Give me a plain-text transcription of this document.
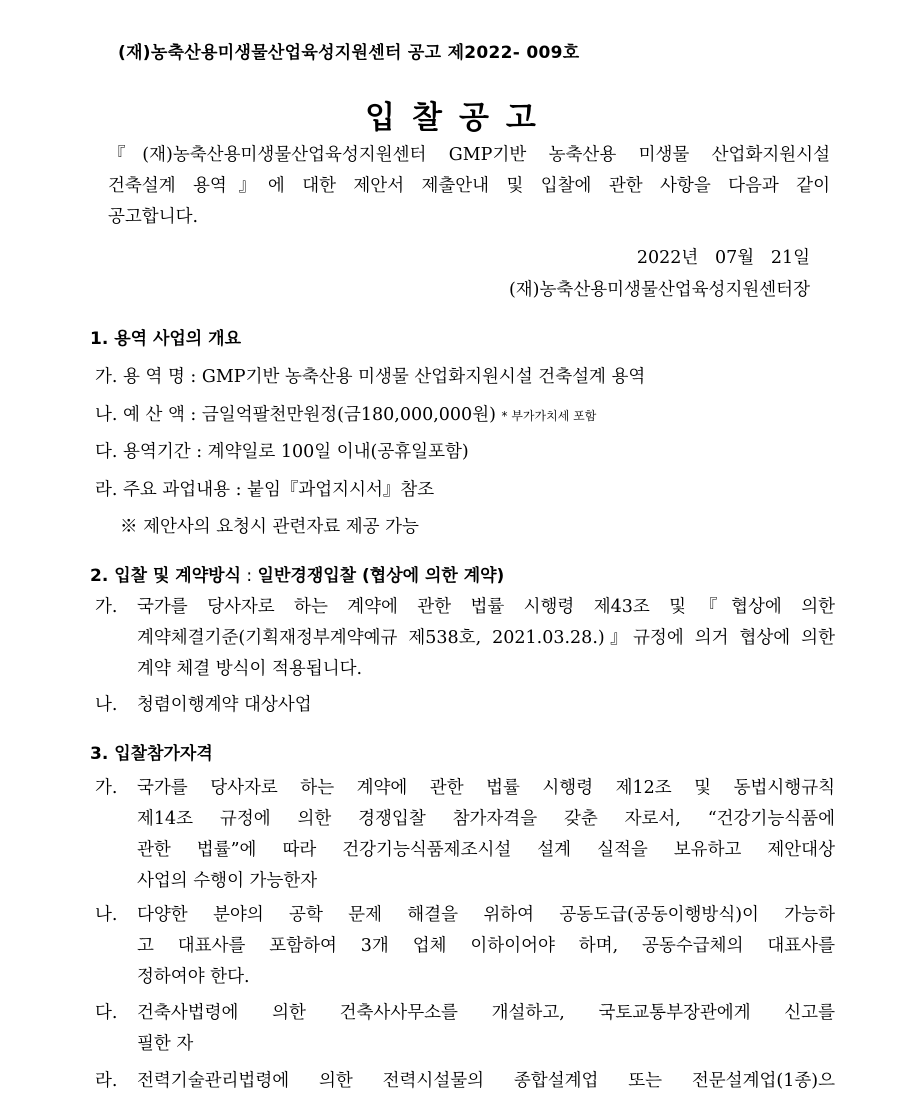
(재)농축산용미생물산업육성지원센터 공고 제2022- 009호
입찰공고

『(재)농축산용미생물산업육성지원센터 GMP기반 농축산용 미생물 산업화지원시설

건축설계 용역』에 대한 제안서 제출안내 및 입찰에 관한 사항을 다음과 같이

공고합니다.

2022년   07월   21일
(재)농축산용미생물산업육성지원센터장
1. 용역 사업의 개요
가. 용 역 명 : GMP기반 농축산용 미생물 산업화지원시설 건축설계 용역
나. 예 산 액 : 금일억팔천만원정(금180,000,000원) * 부가가치세 포함
다. 용역기간 : 계약일로 100일 이내(공휴일포함)
라. 주요 과업내용 : 붙임『과업지시서』참조
※ 제안사의 요청시 관련자료 제공 가능
2. 입찰 및 계약방식 : 일반경쟁입찰 (협상에 의한 계약)
가.	국가를 당사자로 하는 계약에 관한 법률 시행령 제43조 및『협상에 의한
계약체결기준(기획재정부계약예규 제538호, 2021.03.28.)』규정에 의거 협상에 의한
계약 체결 방식이 적용됩니다.
나.	청렴이행계약 대상사업
3. 입찰참가자격
가.	국가를 당사자로 하는 계약에 관한 법률 시행령 제12조 및 동법시행규칙
제14조 규정에 의한 경쟁입찰 참가자격을 갖춘 자로서, “건강기능식품에
관한 법률”에 따라 건강기능식품제조시설 설계 실적을 보유하고 제안대상
사업의 수행이 가능한자
나.	다양한 분야의 공학 문제 해결을 위하여 공동도급(공동이행방식)이 가능하
고 대표사를 포함하여 3개 업체 이하이어야 하며, 공동수급체의 대표사를
정하여야 한다.
다.	건축사법령에 의한 건축사사무소를 개설하고, 국토교통부장관에게 신고를
필한 자
라.	전력기술관리법령에 의한 전력시설물의 종합설계업 또는 전문설계업(1종)으
